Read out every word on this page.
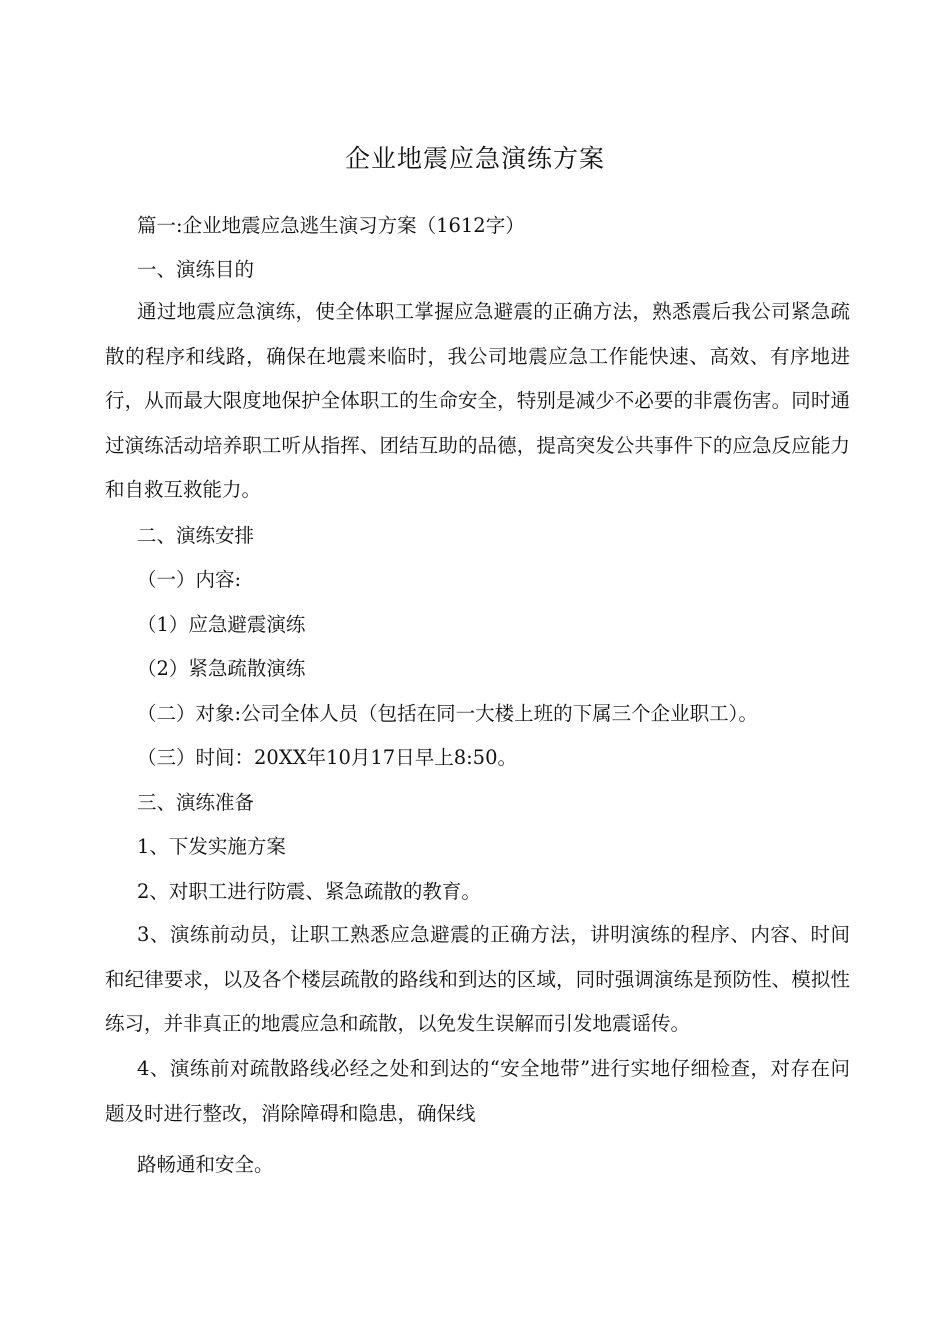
企业地震应急演练方案
篇一:企业地震应急逃生演习方案（1612字）
一、演练目的
通过地震应急演练，使全体职工掌握应急避震的正确方法，熟悉震后我公司紧急疏散的程序和线路，确保在地震来临时，我公司地震应急工作能快速、高效、有序地进行，从而最大限度地保护全体职工的生命安全，特别是减少不必要的非震伤害。同时通过演练活动培养职工听从指挥、团结互助的品德，提高突发公共事件下的应急反应能力和自救互救能力。
二、演练安排
（一）内容:
（1）应急避震演练
（2）紧急疏散演练
（二）对象:公司全体人员（包括在同一大楼上班的下属三个企业职工）。
（三）时间：20XX年10月17日早上8:50。
三、演练准备
1、下发实施方案
2、对职工进行防震、紧急疏散的教育。
3、演练前动员，让职工熟悉应急避震的正确方法，讲明演练的程序、内容、时间和纪律要求，以及各个楼层疏散的路线和到达的区域，同时强调演练是预防性、模拟性练习，并非真正的地震应急和疏散，以免发生误解而引发地震谣传。
4、演练前对疏散路线必经之处和到达的“安全地带”进行实地仔细检查，对存在问题及时进行整改，消除障碍和隐患，确保线
路畅通和安全。
